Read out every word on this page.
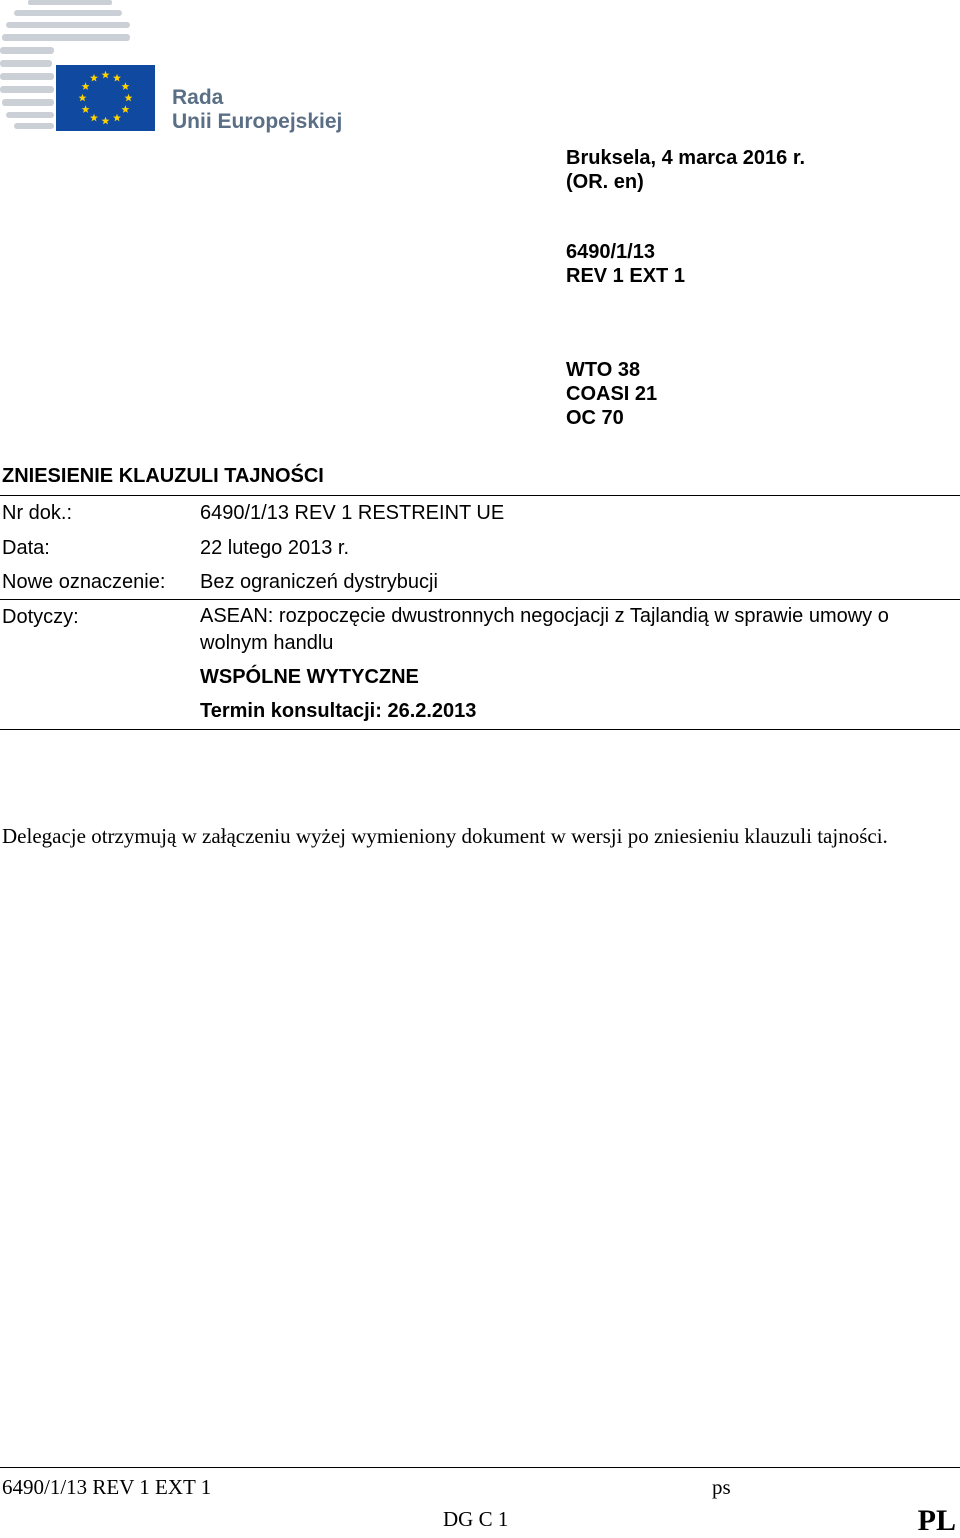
Rada
Unii Europejskiej
Bruksela, 4 marca 2016 r.
(OR. en)
6490/1/13
REV 1 EXT 1
WTO 38
COASI 21
OC 70
ZNIESIENIE KLAUZULI TAJNOŚCI
Nr dok.:	6490/1/13 REV 1 RESTREINT UE
Data:	22 lutego 2013 r.
Nowe oznaczenie: Bez ograniczeń dystrybucji
Dotyczy:	ASEAN: rozpoczęcie dwustronnych negocjacji z Tajlandią w sprawie umowy o wolnym handlu
WSPÓLNE WYTYCZNE
Termin konsultacji: 26.2.2013
Delegacje otrzymują w załączeniu wyżej wymieniony dokument w wersji po zniesieniu klauzuli tajności.
6490/1/13 REV 1 EXT 1	ps
DG C 1	PL
